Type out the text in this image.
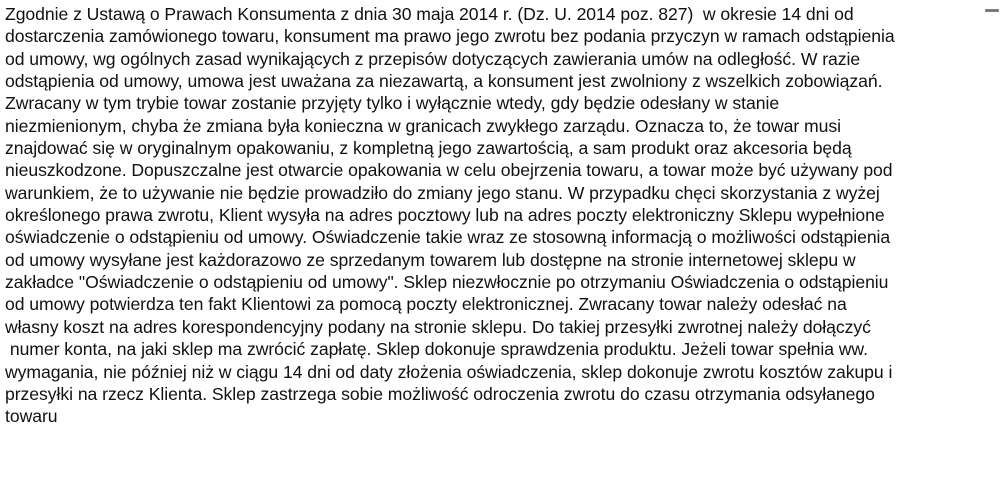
Zgodnie z Ustawą o Prawach Konsumenta z dnia 30 maja 2014 r. (Dz. U. 2014 poz. 827)  w okresie 14 dni od
dostarczenia zamówionego towaru, konsument ma prawo jego zwrotu bez podania przyczyn w ramach odstąpienia
od umowy, wg ogólnych zasad wynikających z przepisów dotyczących zawierania umów na odległość. W razie
odstąpienia od umowy, umowa jest uważana za niezawartą, a konsument jest zwolniony z wszelkich zobowiązań.
Zwracany w tym trybie towar zostanie przyjęty tylko i wyłącznie wtedy, gdy będzie odesłany w stanie
niezmienionym, chyba że zmiana była konieczna w granicach zwykłego zarządu. Oznacza to, że towar musi
znajdować się w oryginalnym opakowaniu, z kompletną jego zawartością, a sam produkt oraz akcesoria będą
nieuszkodzone. Dopuszczalne jest otwarcie opakowania w celu obejrzenia towaru, a towar może być używany pod
warunkiem, że to używanie nie będzie prowadziło do zmiany jego stanu. W przypadku chęci skorzystania z wyżej
określonego prawa zwrotu, Klient wysyła na adres pocztowy lub na adres poczty elektroniczny Sklepu wypełnione
oświadczenie o odstąpieniu od umowy. Oświadczenie takie wraz ze stosowną informacją o możliwości odstąpienia
od umowy wysyłane jest każdorazowo ze sprzedanym towarem lub dostępne na stronie internetowej sklepu w
zakładce "Oświadczenie o odstąpieniu od umowy". Sklep niezwłocznie po otrzymaniu Oświadczenia o odstąpieniu
od umowy potwierdza ten fakt Klientowi za pomocą poczty elektronicznej. Zwracany towar należy odesłać na
własny koszt na adres korespondencyjny podany na stronie sklepu. Do takiej przesyłki zwrotnej należy dołączyć
numer konta, na jaki sklep ma zwrócić zapłatę. Sklep dokonuje sprawdzenia produktu. Jeżeli towar spełnia ww.
wymagania, nie później niż w ciągu 14 dni od daty złożenia oświadczenia, sklep dokonuje zwrotu kosztów zakupu i
przesyłki na rzecz Klienta. Sklep zastrzega sobie możliwość odroczenia zwrotu do czasu otrzymania odsyłanego
towaru
